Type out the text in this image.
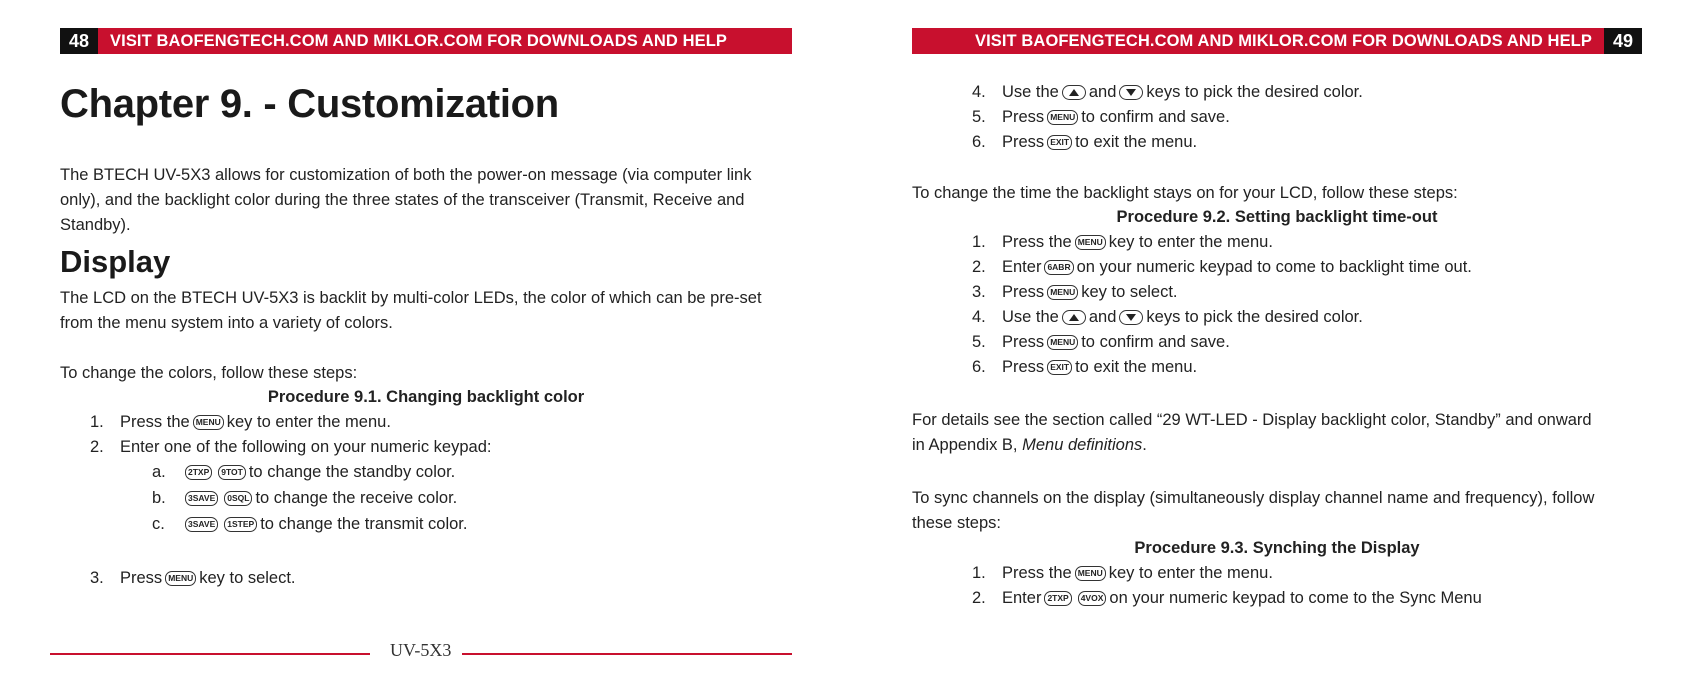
48	VISIT BAOFENGTECH.COM AND MIKLOR.COM FOR DOWNLOADS AND HELP
Chapter 9. - Customization

The BTECH UV-5X3 allows for customization of both the power-on message (via computer link

only), and the backlight color during the three states of the transceiver (Transmit, Receive and

Standby).

Display

The LCD on the BTECH UV-5X3 is backlit by multi-color LEDs, the color of which can be pre-set

from the menu system into a variety of colors.

To change the colors, follow these steps:

Procedure 9.1. Changing backlight color
1. Press the MENU key to enter the menu.
2. Enter one of the following on your numeric keypad:
a.	2TXP	9TOT to change the standby color.
b.	3SAVE	0SQL to change the receive color.
c.	3SAVE	1STEP to change the transmit color.
3. Press MENU key to select.
UV-5X3
VISIT BAOFENGTECH.COM AND MIKLOR.COM FOR DOWNLOADS AND HELP	49
4. Use the and keys to pick the desired color.
5. Press MENU to confirm and save.
6. Press EXIT to exit the menu.

To change the time the backlight stays on for your LCD, follow these steps:

Procedure 9.2. Setting backlight time-out
1. Press the MENU key to enter the menu.
2. Enter 6ABR on your numeric keypad to come to backlight time out.
3. Press MENU key to select.
4. Use the and keys to pick the desired color.
5. Press MENU to confirm and save.
6. Press EXIT to exit the menu.

For details see the section called “29 WT-LED - Display backlight color, Standby” and onward

in Appendix B, Menu definitions.

To sync channels on the display (simultaneously display channel name and frequency), follow

these steps:

Procedure 9.3. Synching the Display
1. Press the MENU key to enter the menu.
2. Enter 2TXP	4VOX on your numeric keypad to come to the Sync Menu
